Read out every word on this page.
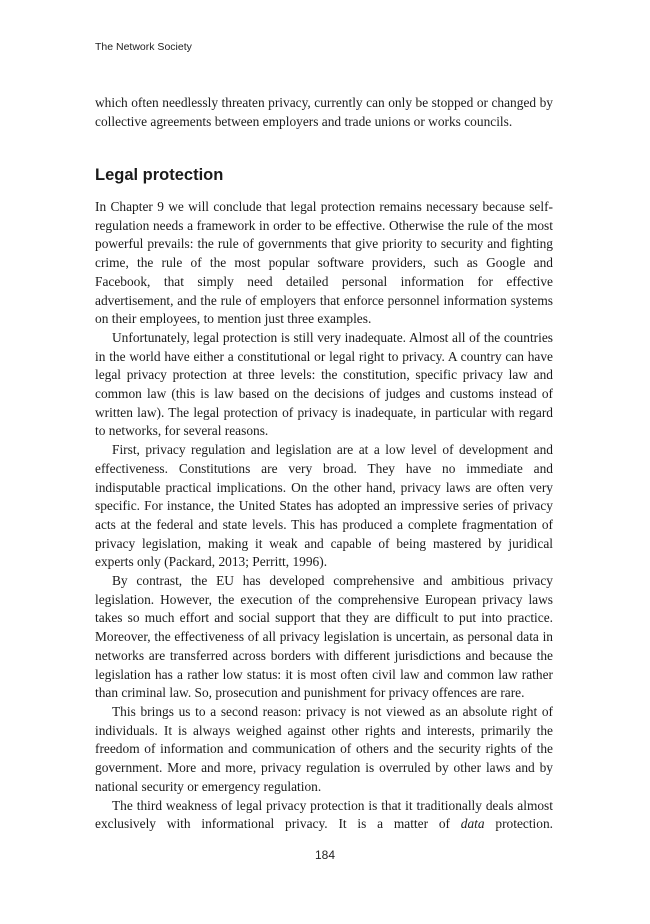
The Network Society

which often needlessly threaten privacy, currently can only be stopped or changed by collective agreements between employers and trade unions or works councils.

Legal protection

In Chapter 9 we will conclude that legal protection remains necessary because self-regulation needs a framework in order to be effective. Otherwise the rule of the most powerful prevails: the rule of governments that give priority to security and fighting crime, the rule of the most popular software providers, such as Google and Facebook, that simply need detailed personal information for effective advertisement, and the rule of employers that enforce personnel information systems on their employees, to mention just three examples.

Unfortunately, legal protection is still very inadequate. Almost all of the countries in the world have either a constitutional or legal right to privacy. A country can have legal privacy protection at three levels: the constitution, specific privacy law and common law (this is law based on the decisions of judges and customs instead of written law). The legal protection of privacy is inadequate, in particular with regard to networks, for several reasons.

First, privacy regulation and legislation are at a low level of development and effectiveness. Constitutions are very broad. They have no immediate and indisputable practical implications. On the other hand, privacy laws are often very specific. For instance, the United States has adopted an impressive series of privacy acts at the federal and state levels. This has produced a complete fragmentation of privacy legislation, making it weak and capable of being mastered by juridical experts only (Packard, 2013; Perritt, 1996).

By contrast, the EU has developed comprehensive and ambitious privacy legislation. However, the execution of the comprehensive European privacy laws takes so much effort and social support that they are difficult to put into practice. Moreover, the effectiveness of all privacy legislation is uncertain, as personal data in networks are transferred across borders with different jurisdictions and because the legislation has a rather low status: it is most often civil law and common law rather than criminal law. So, prosecution and punishment for privacy offences are rare.

This brings us to a second reason: privacy is not viewed as an absolute right of individuals. It is always weighed against other rights and interests, primarily the freedom of information and communication of others and the security rights of the government. More and more, privacy regulation is overruled by other laws and by national security or emergency regulation.

The third weakness of legal privacy protection is that it traditionally deals almost exclusively with informational privacy. It is a matter of data protection.

184
